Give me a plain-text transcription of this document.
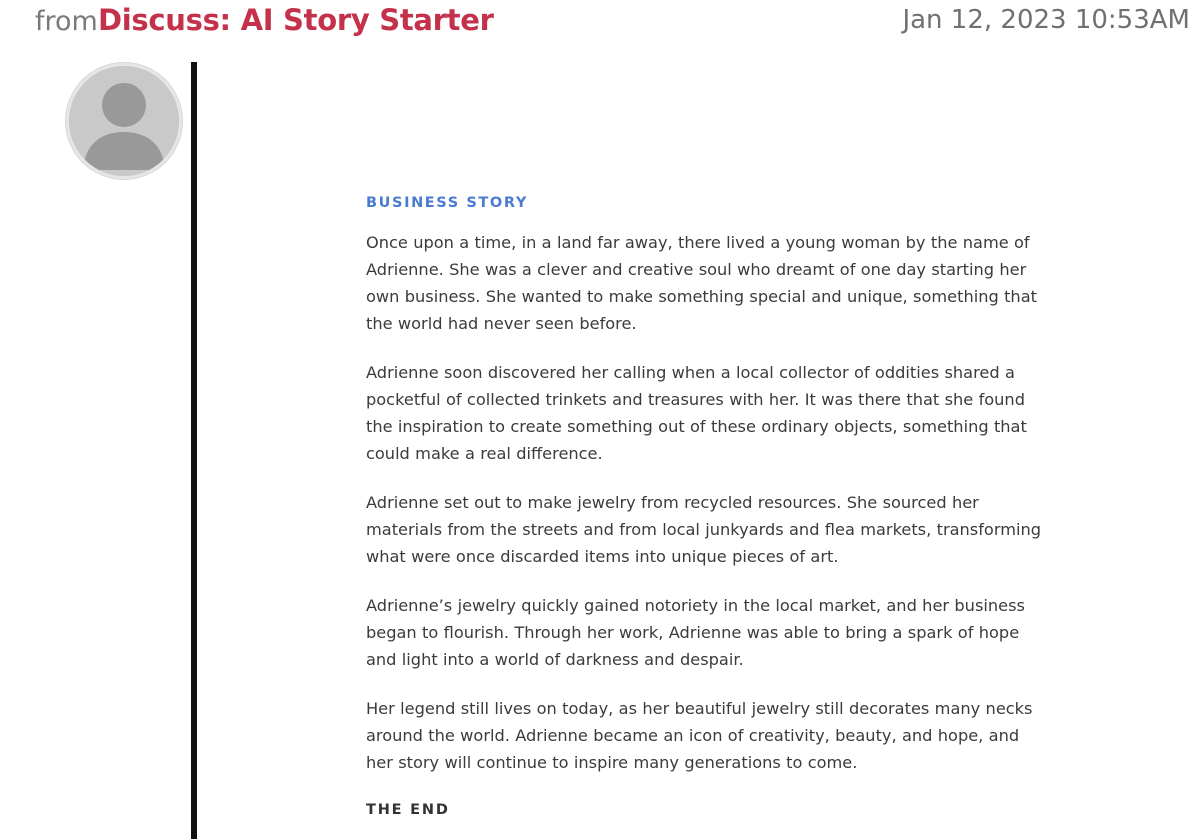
from Discuss: AI Story Starter	Jan 12, 2023 10:53AM
BUSINESS STORY

Once upon a time, in a land far away, there lived a young woman by the name of Adrienne. She was a clever and creative soul who dreamt of one day starting her own business. She wanted to make something special and unique, something that the world had never seen before.

Adrienne soon discovered her calling when a local collector of oddities shared a pocketful of collected trinkets and treasures with her. It was there that she found the inspiration to create something out of these ordinary objects, something that could make a real difference.

Adrienne set out to make jewelry from recycled resources. She sourced her materials from the streets and from local junkyards and flea markets, transforming what were once discarded items into unique pieces of art.

Adrienne’s jewelry quickly gained notoriety in the local market, and her business began to flourish. Through her work, Adrienne was able to bring a spark of hope and light into a world of darkness and despair.

Her legend still lives on today, as her beautiful jewelry still decorates many necks around the world. Adrienne became an icon of creativity, beauty, and hope, and her story will continue to inspire many generations to come.

THE END
